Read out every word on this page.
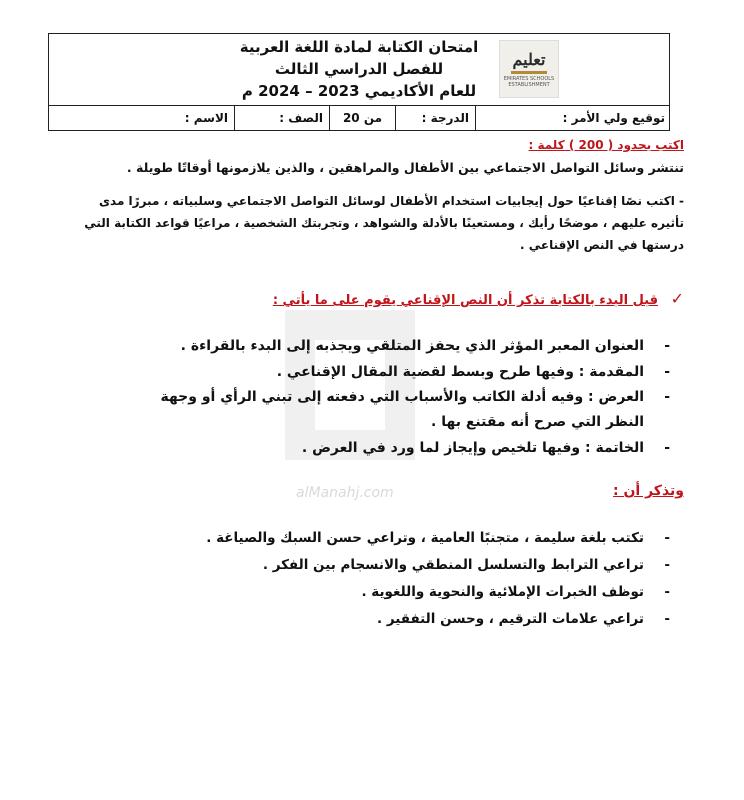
امتحان الكتابة لمادة اللغة العربية
للفصل الدراسي الثالث
للعام الأكاديمي 2023 – 2024 م
تعليم
EMIRATES SCHOOLS ESTABLISHMENT
توقيع ولي الأمر :
الدرجة :
من 20
الصف :
الاسم :

اكتب بحدود ( 200 ) كلمة :

تنتشر وسائل التواصل الاجتماعي بين الأطفال والمراهقين ، والذين يلازمونها أوقاتًا طويلة .

- اكتب نصًا إقناعيًا حول إيجابيات استخدام الأطفال لوسائل التواصل الاجتماعي وسلبياته ، مبررًا مدى تأثيره عليهم ، موضحًا رأيك ، ومستعينًا بالأدلة والشواهد ، وتجربتك الشخصية ، مراعيًا قواعد الكتابة التي درستها في النص الإقناعي .

alManahj.com
✓

قبل البدء بالكتابة تذكر أن النص الإقناعي يقوم على ما يأتي :

-
العنوان المعبر المؤثر الذي يحفز المتلقي ويجذبه إلى البدء بالقراءة .
-
المقدمة : وفيها طرح وبسط لقضية المقال الإقناعي .
-
العرض : وفيه أدلة الكاتب والأسباب التي دفعته إلى تبني الرأي أو وجهة النظر التي صرح أنه مقتنع بها .
-
الخاتمة : وفيها تلخيص وإيجاز لما ورد في العرض .

وتذكر أن :

-
تكتب بلغة سليمة ، متجنبًا العامية ، وتراعي حسن السبك والصياغة .
-
تراعي الترابط والتسلسل المنطقي والانسجام بين الفكر .
-
توظف الخبرات الإملائية والنحوية واللغوية .
-
تراعي علامات الترقيم ، وحسن التفقير .
